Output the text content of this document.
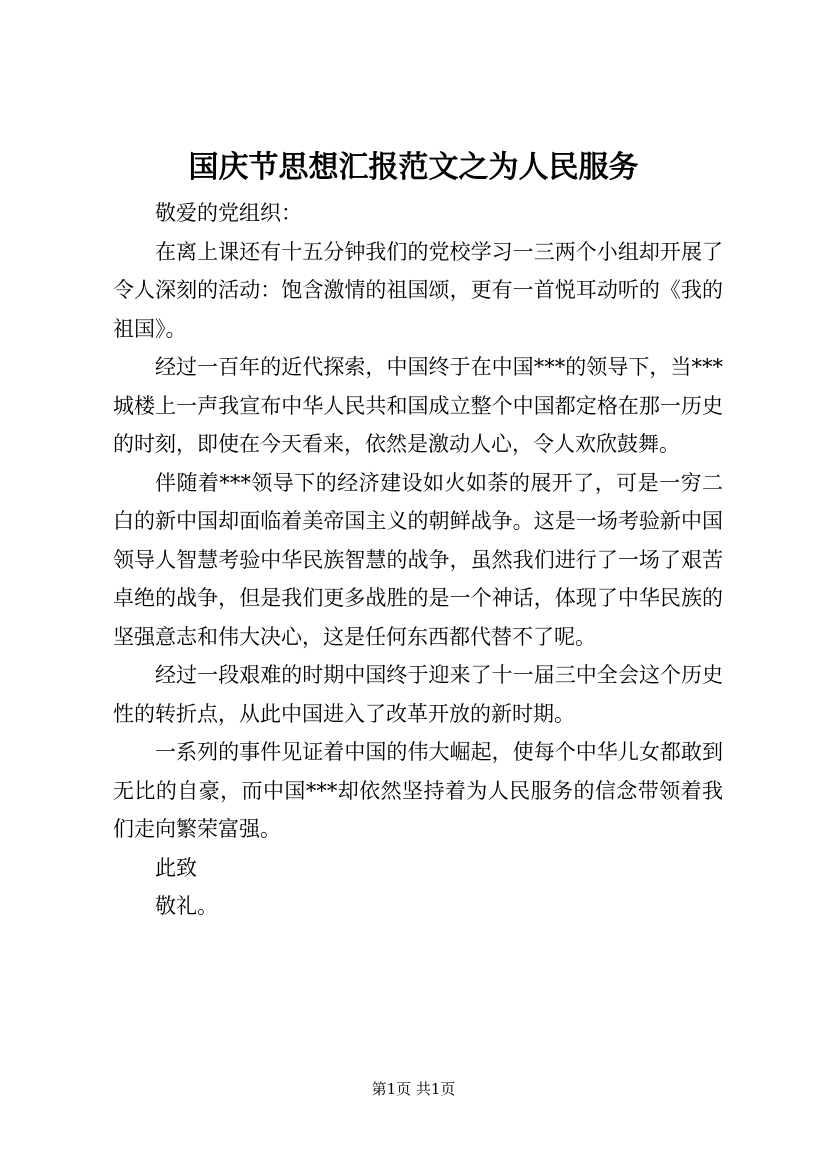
国庆节思想汇报范文之为人民服务

敬爱的党组织：

在离上课还有十五分钟我们的党校学习一三两个小组却开展了令人深刻的活动：饱含激情的祖国颂，更有一首悦耳动听的《我的祖国》。

经过一百年的近代探索，中国终于在中国***的领导下，当***城楼上一声我宣布中华人民共和国成立整个中国都定格在那一历史的时刻，即使在今天看来，依然是激动人心，令人欢欣鼓舞。

伴随着***领导下的经济建设如火如荼的展开了，可是一穷二白的新中国却面临着美帝国主义的朝鲜战争。这是一场考验新中国领导人智慧考验中华民族智慧的战争，虽然我们进行了一场了艰苦卓绝的战争，但是我们更多战胜的是一个神话，体现了中华民族的坚强意志和伟大决心，这是任何东西都代替不了呢。

经过一段艰难的时期中国终于迎来了十一届三中全会这个历史性的转折点，从此中国进入了改革开放的新时期。

一系列的事件见证着中国的伟大崛起，使每个中华儿女都敢到无比的自豪，而中国***却依然坚持着为人民服务的信念带领着我们走向繁荣富强。

此致

敬礼。

第1页 共1页
